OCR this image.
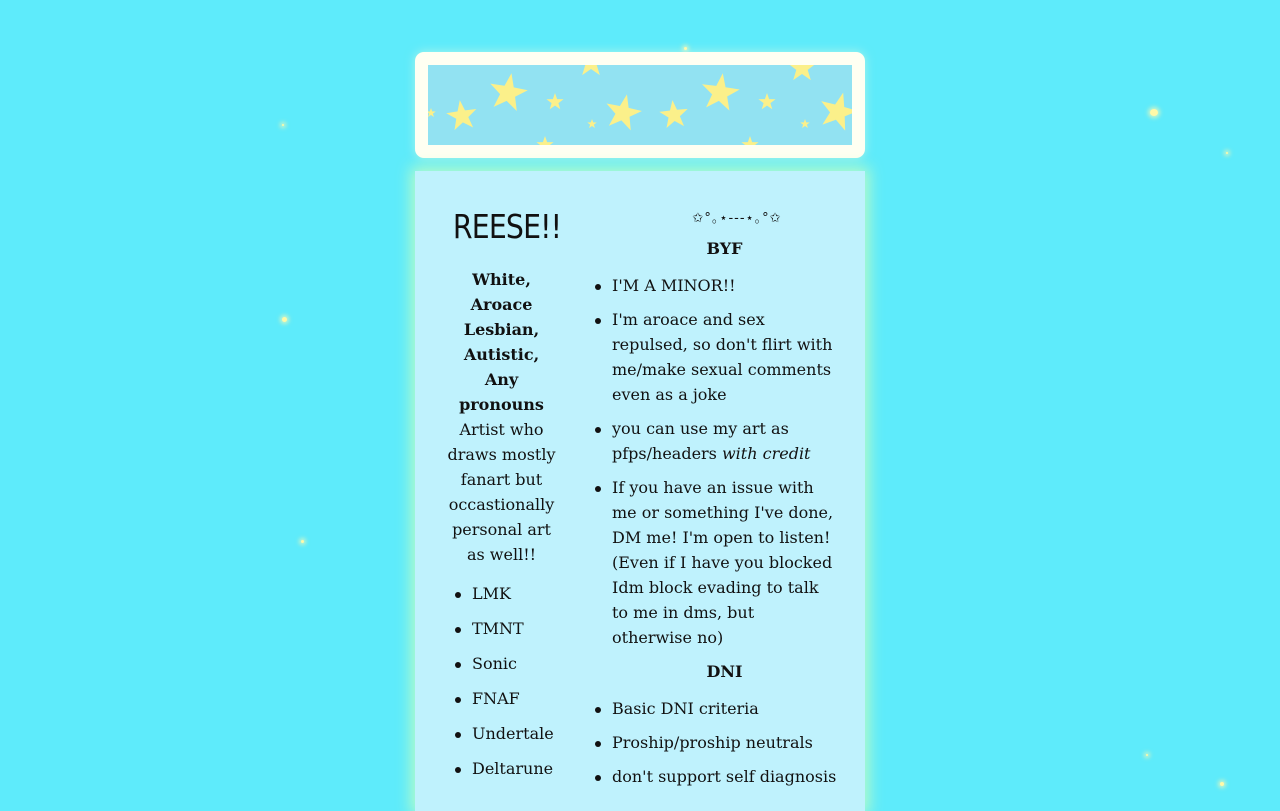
REESE!!

White,
Aroace
Lesbian,
Autistic,
Any
pronouns

Artist who draws mostly fanart but occastionally personal art as well!!

LMK
TMNT
Sonic
FNAF
Undertale
Deltarune
✩°｡⋆---⋆｡°✩
BYF
I'M A MINOR!!
I'm aroace and sex repulsed, so don't flirt with me/make sexual comments even as a joke
you can use my art as pfps/headers with credit
If you have an issue with me or something I've done, DM me! I'm open to listen! (Even if I have you blocked Idm block evading to talk to me in dms, but otherwise no)
DNI
Basic DNI criteria
Proship/proship neutrals
don't support self diagnosis
